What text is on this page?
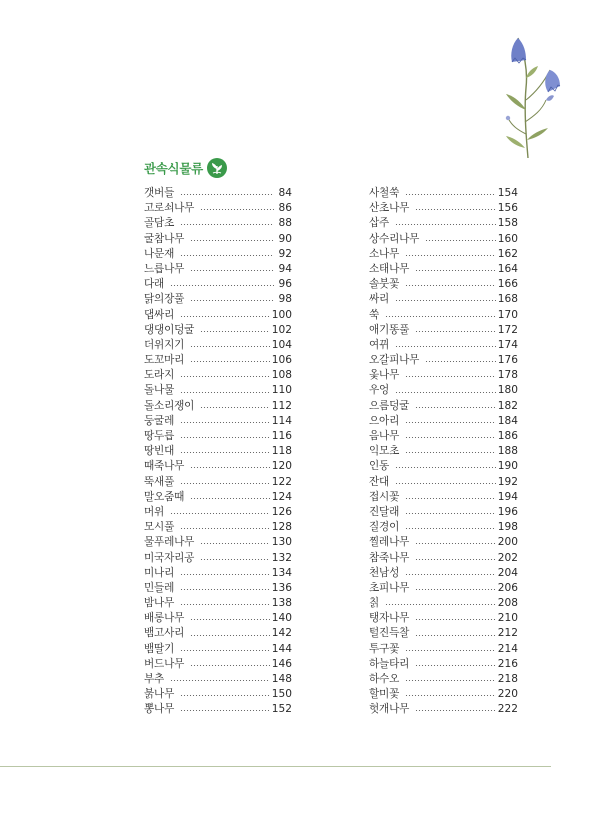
관속식물류
갯버들	84
고로쇠나무	86
골담초	88
굴참나무	90
나문재	92
느릅나무	94
다래	96
닭의장풀	98
댑싸리	100
댕댕이덩굴	102
더위지기	104
도꼬마리	106
도라지	108
돌나물	110
돌소리쟁이	112
둥굴레	114
땅두릅	116
땅빈대	118
때죽나무	120
뚝새풀	122
말오줌때	124
머위	126
모시풀	128
물푸레나무	130
미국자리공	132
미나리	134
민들레	136
밤나무	138
배롱나무	140
뱀고사리	142
뱀딸기	144
버드나무	146
부추	148
붉나무	150
뽕나무	152
사철쑥	154
산초나무	156
삽주	158
상수리나무	160
소나무	162
소태나무	164
솔붓꽃	166
싸리	168
쑥	170
애기똥풀	172
여뀌	174
오갈피나무	176
옻나무	178
우엉	180
으름덩굴	182
으아리	184
음나무	186
익모초	188
인동	190
잔대	192
접시꽃	194
진달래	196
질경이	198
찔레나무	200
참죽나무	202
천남성	204
초피나무	206
칡	208
탱자나무	210
털진득찰	212
투구꽃	214
하늘타리	216
하수오	218
할미꽃	220
헛개나무	222
